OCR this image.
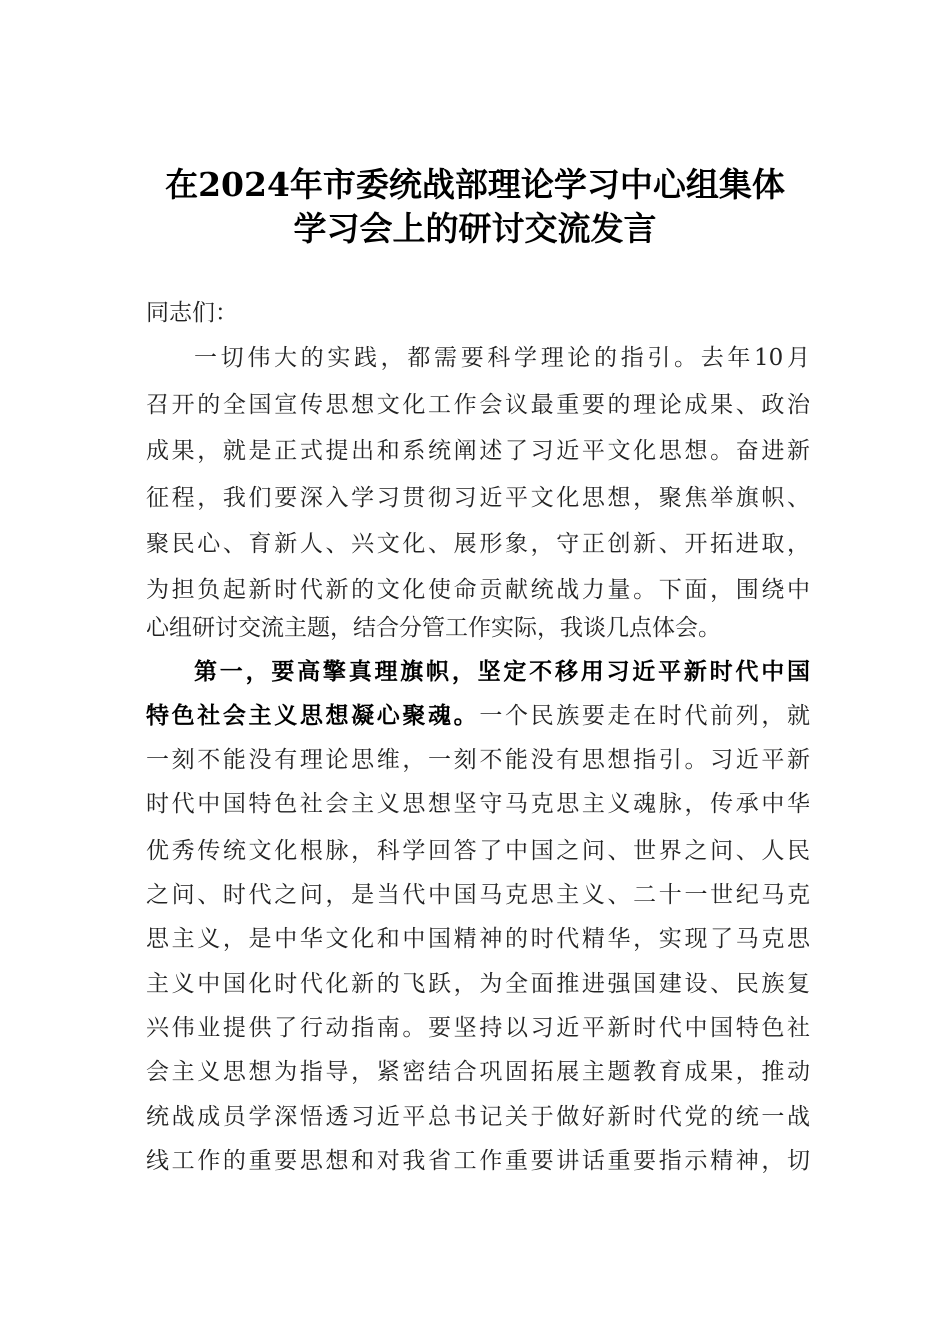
在2024年市委统战部理论学习中心组集体
学习会上的研讨交流发言
同志们：
一切伟大的实践，都需要科学理论的指引。去年10月
召开的全国宣传思想文化工作会议最重要的理论成果、政治
成果，就是正式提出和系统阐述了习近平文化思想。奋进新
征程，我们要深入学习贯彻习近平文化思想，聚焦举旗帜、
聚民心、育新人、兴文化、展形象，守正创新、开拓进取，
为担负起新时代新的文化使命贡献统战力量。下面，围绕中
心组研讨交流主题，结合分管工作实际，我谈几点体会。
第一，要高擎真理旗帜，坚定不移用习近平新时代中国
特色社会主义思想凝心聚魂。一个民族要走在时代前列，就
一刻不能没有理论思维，一刻不能没有思想指引。习近平新
时代中国特色社会主义思想坚守马克思主义魂脉，传承中华
优秀传统文化根脉，科学回答了中国之问、世界之问、人民
之问、时代之问，是当代中国马克思主义、二十一世纪马克
思主义，是中华文化和中国精神的时代精华，实现了马克思
主义中国化时代化新的飞跃，为全面推进强国建设、民族复
兴伟业提供了行动指南。要坚持以习近平新时代中国特色社
会主义思想为指导，紧密结合巩固拓展主题教育成果，推动
统战成员学深悟透习近平总书记关于做好新时代党的统一战
线工作的重要思想和对我省工作重要讲话重要指示精神，切
